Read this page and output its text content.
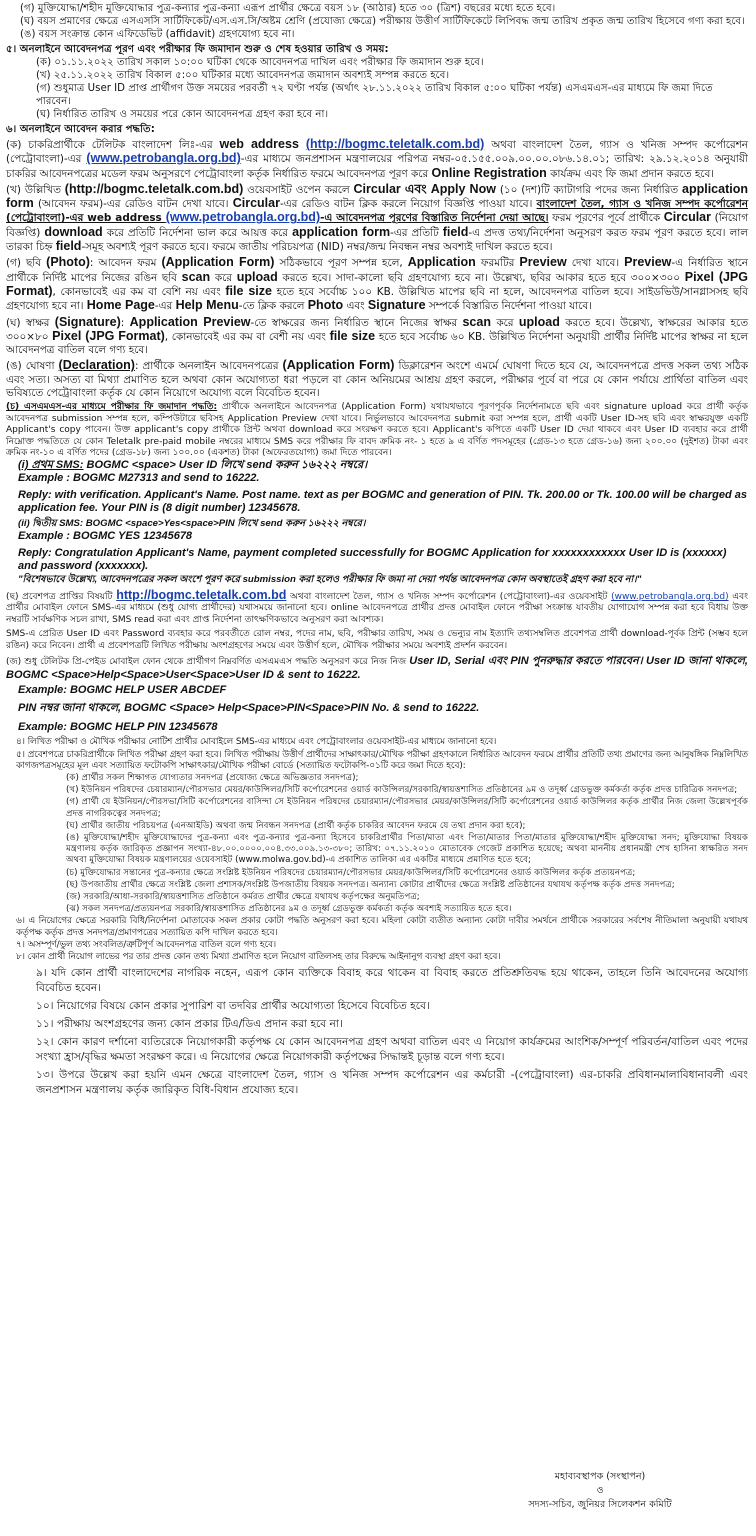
(গ) মুক্তিযোদ্ধা/শহীদ মুক্তিযোদ্ধার পুত্র-কন্যার পুত্র-কন্যা এরূপ প্রার্থীর ক্ষেত্রে বয়স ১৮ (আঠার) হতে ৩০ (ত্রিশ) বছরের মধ্যে হতে হবে।

(ঘ) বয়স প্রমাণের ক্ষেত্রে এসএসসি সার্টিফিকেট/এস.এস.সি/অষ্টম শ্রেণি (প্রযোজ্য ক্ষেত্রে) পরীক্ষায় উত্তীর্ণ সার্টিফিকেটে লিপিবদ্ধ জন্ম তারিখ প্রকৃত জন্ম তারিখ হিসেবে গণ্য করা হবে।

(ঙ) বয়স সংক্রান্ত কোন এফিডেভিট (affidavit) গ্রহণযোগ্য হবে না।

৫। অনলাইনে আবেদনপত্র পূরণ এবং পরীক্ষার ফি জমাদান শুরু ও শেষ হওয়ার তারিখ ও সময়:

(ক) ০১.১১.২০২২ তারিখ সকাল ১০:০০ ঘটিকা থেকে আবেদনপত্র দাখিল এবং পরীক্ষার ফি জমাদান শুরু হবে।

(খ) ২৫.১১.২০২২ তারিখ বিকাল ৫:০০ ঘটিকার মধ্যে আবেদনপত্র জমাদান অবশ্যই সম্পন্ন করতে হবে।

(গ) শুধুমাত্র User ID প্রাপ্ত প্রার্থীগণ উক্ত সময়ের পরবর্তী ৭২ ঘণ্টা পর্যন্ত (অর্থাৎ ২৮.১১.২০২২ তারিখ বিকাল ৫:০০ ঘটিকা পর্যন্ত) এসএমএস-এর মাধ্যমে ফি জমা দিতে পারবেন।

(ঘ) নির্ধারিত তারিখ ও সময়ের পরে কোন আবেদনপত্র গ্রহণ করা হবে না।

৬। অনলাইনে আবেদন করার পদ্ধতি:

(ক) চাকরিপ্রার্থীকে টেলিটক বাংলাদেশ লিঃ-এর web address (http://bogmc.teletalk.com.bd) অথবা বাংলাদেশ তৈল, গ্যাস ও খনিজ সম্পদ কর্পোরেশন (পেট্রোবাংলা)-এর (www.petrobangla.org.bd)-এর মাধ্যমে জনপ্রশাসন মন্ত্রণালয়ের পরিপত্র নম্বর-০৫.১৫৫.০০৯.০০.০০.০৮৬.১৪.০১; তারিখ: ২৯.১২.২০১৪ অনুযায়ী চাকরির আবেদনপত্রের মডেল ফরম অনুসরণে পেট্রোবাংলা কর্তৃক নির্ধারিত ফরমে আবেদনপত্র পূরণ করে Online Registration কার্যক্রম এবং ফি জমা প্রদান করতে হবে।

(খ) উল্লিখিত (http://bogmc.teletalk.com.bd) ওয়েবসাইট ওপেন করলে Circular এবং Apply Now (১০ (দশ)টি ক্যাটাগরি পদের জন্য নির্ধারিত application form (আবেদন ফরম)-এর রেডিও বাটন দেখা যাবে। Circular-এর রেডিও বাটন ক্লিক করলে নিয়োগ বিজ্ঞপ্তি পাওয়া যাবে। বাংলাদেশ তৈল, গ্যাস ও খনিজ সম্পদ কর্পোরেশন (পেট্রোবাংলা)-এর web address (www.petrobangla.org.bd)-এ আবেদনপত্র পূরণের বিস্তারিত নির্দেশনা দেয়া আছে। ফরম পূরণের পূর্বে প্রার্থীকে Circular (নিয়োগ বিজ্ঞপ্তি) download করে প্রতিটি নির্দেশনা ভাল করে আয়ত্ত করে application form-এর প্রতিটি field-এ প্রদত্ত তথ্য/নির্দেশনা অনুসরণ করত ফরম পূরণ করতে হবে। লাল তারকা চিহ্ন field-সমূহ অবশ্যই পূরণ করতে হবে। ফরমে জাতীয় পরিচয়পত্র (NID) নম্বর/জন্ম নিবন্ধন নম্বর অবশ্যই দাখিল করতে হবে।

(গ) ছবি (Photo): আবেদন ফরম (Application Form) সঠিকভাবে পূরণ সম্পন্ন হলে, Application ফরমটির Preview দেখা যাবে। Preview-এ নির্ধারিত স্থানে প্রার্থীকে নির্দিষ্ট মাপের নিজের রঙিন ছবি scan করে upload করতে হবে। সাদা-কালো ছবি গ্রহণযোগ্য হবে না। উল্লেখ্য, ছবির আকার হতে হবে ৩০০×৩০০ Pixel (JPG Format), কোনভাবেই এর কম বা বেশি নয় এবং file size হতে হবে সর্বোচ্চ ১০০ KB. উল্লিখিত মাপের ছবি না হলে, আবেদনপত্র বাতিল হবে। সাইডভিউ/সানগ্লাসসহ ছবি গ্রহণযোগ্য হবে না। Home Page-এর Help Menu-তে ক্লিক করলে Photo এবং Signature সম্পর্কে বিস্তারিত নির্দেশনা পাওয়া যাবে।

(ঘ) স্বাক্ষর (Signature): Application Preview-তে স্বাক্ষরের জন্য নির্ধারিত স্থানে নিজের স্বাক্ষর scan করে upload করতে হবে। উল্লেখ্য, স্বাক্ষরের আকার হতে ৩০০×৮০ Pixel (JPG Format), কোনভাবেই এর কম বা বেশী নয় এবং file size হতে হবে সর্বোচ্চ ৬০ KB. উল্লিখিত নির্দেশনা অনুযায়ী প্রার্থীর নির্দিষ্ট মাপের স্বাক্ষর না হলে আবেদনপত্র বাতিল বলে গণ্য হবে।

(ঙ) ঘোষণা (Declaration): প্রার্থীকে অনলাইন আবেদনপত্রের (Application Form) ডিক্লারেশন অংশে এমর্মে ঘোষণা দিতে হবে যে, আবেদনপত্রে প্রদত্ত সকল তথ্য সঠিক এবং সত্য। অসত্য বা মিথ্যা প্রমাণিত হলে অথবা কোন অযোগ্যতা ধরা পড়লে বা কোন অনিয়মের আশ্রয় গ্রহণ করলে, পরীক্ষার পূর্বে বা পরে যে কোন পর্যায়ে প্রার্থিতা বাতিল এবং ভবিষ্যতে পেট্রোবাংলা কর্তৃক যে কোন নিয়োগে অযোগ্য বলে বিবেচিত হবেন।

(চ) এসএমএস-এর মাধ্যমে পরীক্ষার ফি জমাদান পদ্ধতি: প্রার্থীকে অনলাইনে আবেদনপত্র (Application Form) যথাযথভাবে পূরণপূর্বক নির্দেশনামতে ছবি এবং signature upload করে প্রার্থী কর্তৃক আবেদনপত্র submission সম্পন্ন হলে, কম্পিউটারে ছবিসহ Application Preview দেখা যাবে। নির্ভুলভাবে আবেদনপত্র submit করা সম্পন্ন হলে, প্রার্থী একটি User ID-সহ ছবি এবং স্বাক্ষরযুক্ত একটি Applicant's copy পাবেন। উক্ত applicant's copy প্রার্থীকে প্রিন্ট অথবা download করে সংরক্ষণ করতে হবে। Applicant's কপিতে একটি User ID দেয়া থাকবে এবং User ID ব্যবহার করে প্রার্থী নিম্নোক্ত পদ্ধতিতে যে কোন Teletalk pre-paid mobile নম্বরের মাধ্যমে SMS করে পরীক্ষার ফি বাবদ ক্রমিক নং- ১ হতে ৯ এ বর্ণিত পদসমূহের (গ্রেড-১৩ হতে গ্রেড-১৬) জন্য ২০০.০০ (দুইশত) টাকা এবং ক্রমিক নং-১০ এ বর্ণিত পদের (গ্রেড-১৮) জন্য ১০০.০০ (একশত) টাকা (অফেরতযোগ্য) জমা দিতে পারবেন।

(i) প্রথম SMS: BOGMC <space> User ID লিখে send করুন ১৬২২২ নম্বরে।

Example : BOGMC M27313 and send to 16222.

Reply: with verification. Applicant's Name. Post name. text as per BOGMC and generation of PIN. Tk. 200.00 or Tk. 100.00 will be charged as application fee. Your PIN is (8 digit number) 12345678.

(ii) দ্বিতীয় SMS: BOGMC <space>Yes<space>PIN লিখে send করুন ১৬২২২ নম্বরে।

Example : BOGMC YES 12345678

Reply: Congratulation Applicant's Name, payment completed successfully for BOGMC Application for xxxxxxxxxxxx User ID is (xxxxxx) and password (xxxxxxx).

"বিশেষভাবে উল্লেখ্য, আবেদনপত্রের সকল অংশে পূরণ করে submission করা হলেও পরীক্ষার ফি জমা না দেয়া পর্যন্ত আবেদনপত্র কোন অবস্থাতেই গ্রহণ করা হবে না।"

(ছ) প্রবেশপত্র প্রাপ্তির বিষয়টি http://bogmc.teletalk.com.bd অথবা বাংলাদেশ তৈল, গ্যাস ও খনিজ সম্পদ কর্পোরেশন (পেট্রোবাংলা)-এর ওয়েবসাইট (www.petrobangla.org.bd) এবং প্রার্থীর মোবাইল ফোনে SMS-এর মাধ্যমে (শুধু যোগ্য প্রার্থীদের) যথাসময়ে জানানো হবে। online আবেদনপত্রে প্রার্থীর প্রদত্ত মোবাইল ফোনে পরীক্ষা সংক্রান্ত যাবতীয় যোগাযোগ সম্পন্ন করা হবে বিধায় উক্ত নম্বরটি সার্বক্ষণিক সচল রাখা, SMS read করা এবং প্রাপ্ত নির্দেশনা তাৎক্ষণিকভাবে অনুসরণ করা আবশ্যক।

SMS-এ প্রেরিত User ID এবং Password ব্যবহার করে পরবর্তীতে রোল নম্বর, পদের নাম, ছবি, পরীক্ষার তারিখ, সময় ও ভেন্যুর নাম ইত্যাদি তথ্যসম্বলিত প্রবেশপত্র প্রার্থী download-পূর্বক প্রিন্ট (সম্ভব হলে রঙিন) করে নিবেন। প্রার্থী এ প্রবেশপত্রটি লিখিত পরীক্ষায় অংশগ্রহণের সময়ে এবং উত্তীর্ণ হলে, মৌখিক পরীক্ষার সময়ে অবশ্যই প্রদর্শন করবেন।

(জ) শুধু টেলিটক প্রি-পেইড মোবাইল ফোন থেকে প্রার্থীগণ নিম্নবর্ণিত এসএমএস পদ্ধতি অনুসরণ করে নিজ নিজ User ID, Serial এবং PIN পুনরুদ্ধার করতে পারবেন। User ID জানা থাকলে, BOGMC <Space>Help<Space>User<Space>User ID & sent to 16222.

Example: BOGMC HELP USER ABCDEF

PIN নম্বর জানা থাকলে, BOGMC <Space> Help<Space>PIN<Space>PIN No. & send to 16222.

Example: BOGMC HELP PIN 12345678

৪। লিখিত পরীক্ষা ও মৌখিক পরীক্ষার নোটিশ প্রার্থীর মোবাইলে SMS-এর মাধ্যমে এবং পেট্রোবাংলার ওয়েবসাইট-এর মাধ্যমে জানানো হবে।

৫। প্রবেশপত্রে চাকরিপ্রার্থীকে লিখিত পরীক্ষা গ্রহণ করা হবে। লিখিত পরীক্ষায় উত্তীর্ণ প্রার্থীদের সাক্ষাৎকার/মৌখিক পরীক্ষা গ্রহণকালে নির্ধারিত আবেদন ফরমে প্রার্থীর প্রতিটি তথ্য প্রমাণের জন্য আনুষঙ্গিক নিম্নলিখিত কাগজপত্রসমূহের মূল এবং সত্যায়িত ফটোকপি সাক্ষাৎকার/মৌখিক পরীক্ষা বোর্ডে (সত্যায়িত ফটোকপি-০১টি করে জমা দিতে হবে):

(ক) প্রার্থীর সকল শিক্ষাগত যোগ্যতার সনদপত্র (প্রযোজ্য ক্ষেত্রে অভিজ্ঞতার সনদপত্র);

(খ) ইউনিয়ন পরিষদের চেয়ারম্যান/পৌরসভার মেয়র/কাউন্সিলর/সিটি কর্পোরেশনের ওয়ার্ড কাউন্সিলর/সরকারি/স্বায়ত্তশাসিত প্রতিষ্ঠানের ৯ম ও তদূর্ধ্ব গ্রেডভুক্ত কর্মকর্তা কর্তৃক প্রদত্ত চারিত্রিক সনদপত্র;

(গ) প্রার্থী যে ইউনিয়ন/পৌরসভা/সিটি কর্পোরেশনের বাসিন্দা সে ইউনিয়ন পরিষদের চেয়ারম্যান/পৌরসভার মেয়র/কাউন্সিলর/সিটি কর্পোরেশনের ওয়ার্ড কাউন্সিলর কর্তৃক প্রার্থীর নিজ জেলা উল্লেখপূর্বক প্রদত্ত নাগরিকত্বের সনদপত্র;

(ঘ) প্রার্থীর জাতীয় পরিচয়পত্র (এনআইডি) অথবা জন্ম নিবন্ধন সনদপত্র (প্রার্থী কর্তৃক চাকরির আবেদন ফরমে যে তথ্য প্রদান করা হবে);

(ঙ) মুক্তিযোদ্ধা/শহীদ মুক্তিযোদ্ধাদের পুত্র-কন্যা এবং পুত্র-কন্যার পুত্র-কন্যা হিসেবে চাকরিপ্রার্থীর পিতা/মাতা এবং পিতা/মাতার পিতা/মাতার মুক্তিযোদ্ধা/শহীদ মুক্তিযোদ্ধা সনদ; মুক্তিযোদ্ধা বিষয়ক মন্ত্রণালয় কর্তৃক জারিকৃত প্রজ্ঞাপন সংখ্যা-৪৮.০০.০০০০.০০৪.৩৩.০০৯.১৩-৩৮০; তারিখ: ০৭.১১.২০১০ মোতাবেক গেজেট প্রকাশিত হয়েছে; অথবা মাননীয় প্রধানমন্ত্রী শেখ হাসিনা স্বাক্ষরিত সনদ অথবা মুক্তিযোদ্ধা বিষয়ক মন্ত্রণালয়ের ওয়েবসাইট (www.molwa.gov.bd)-এ প্রকাশিত তালিকা এর একটির মাধ্যমে প্রমাণিত হতে হবে;

(চ) মুক্তিযোদ্ধার সন্তানের পুত্র-কন্যার ক্ষেত্রে সংশ্লিষ্ট ইউনিয়ন পরিষদের চেয়ারম্যান/পৌরসভার মেয়র/কাউন্সিলর/সিটি কর্পোরেশনের ওয়ার্ড কাউন্সিলর কর্তৃক প্রত্যয়নপত্র;

(ছ) উপজাতীয় প্রার্থীর ক্ষেত্রে সংশ্লিষ্ট জেলা প্রশাসক/সংশ্লিষ্ট উপজাতীয় বিষয়ক সনদপত্র। অন্যান্য কোটার প্রার্থীদের ক্ষেত্রে সংশ্লিষ্ট প্রতিষ্ঠানের যথাযথ কর্তৃপক্ষ কর্তৃক প্রদত্ত সনদপত্র;

(জ) সরকারি/আধা-সরকারি/স্বায়ত্তশাসিত প্রতিষ্ঠানে কর্মরত প্রার্থীর ক্ষেত্রে যথাযথ কর্তৃপক্ষের অনুমতিপত্র;

(ঝ) সকল সনদপত্র/প্রত্যয়নপত্র সরকারি/স্বায়ত্তশাসিত প্রতিষ্ঠানের ৯ম ও তদূর্ধ্ব গ্রেডভুক্ত কর্মকর্তা কর্তৃক অবশ্যই সত্যায়িত হতে হবে।

৬। এ নিয়োগের ক্ষেত্রে সরকারি বিধি/নির্দেশনা মোতাবেক সকল প্রকার কোটা পদ্ধতি অনুসরণ করা হবে। মহিলা কোটা ব্যতীত অন্যান্য কোটা দাবীর সমর্থনে প্রার্থীকে সরকারের সর্বশেষ নীতিমালা অনুযায়ী যথাযথ কর্তৃপক্ষ কর্তৃক প্রদত্ত সনদপত্র/প্রমাণপত্রের সত্যায়িত কপি দাখিল করতে হবে।

৭। অসম্পূর্ণ/ভুল তথ্য সংবলিত/ত্রুটিপূর্ণ আবেদনপত্র বাতিল বলে গণ্য হবে।

৮। কোন প্রার্থী নিয়োগ লাভের পর তার প্রদত্ত কোন তথ্য মিথ্যা প্রমাণিত হলে নিয়োগ বাতিলসহ তার বিরুদ্ধে আইনানুগ ব্যবস্থা গ্রহণ করা হবে।

৯। যদি কোন প্রার্থী বাংলাদেশের নাগরিক নহেন, এরূপ কোন ব্যক্তিকে বিবাহ করে থাকেন বা বিবাহ করতে প্রতিশ্রুতিবদ্ধ হয়ে থাকেন, তাহলে তিনি আবেদনের অযোগ্য বিবেচিত হবেন।

১০। নিয়োগের বিষয়ে কোন প্রকার সুপারিশ বা তদবির প্রার্থীর অযোগ্যতা হিসেবে বিবেচিত হবে।

১১। পরীক্ষায় অংশগ্রহণের জন্য কোন প্রকার টিএ/ডিএ প্রদান করা হবে না।

১২। কোন কারণ দর্শানো ব্যতিরেকে নিয়োগকারী কর্তৃপক্ষ যে কোন আবেদনপত্র গ্রহণ অথবা বাতিল এবং এ নিয়োগ কার্যক্রমের আংশিক/সম্পূর্ণ পরিবর্তন/বাতিল এবং পদের সংখ্যা হ্রাস/বৃদ্ধির ক্ষমতা সংরক্ষণ করে। এ নিয়োগের ক্ষেত্রে নিয়োগকারী কর্তৃপক্ষের সিদ্ধান্তই চূড়ান্ত বলে গণ্য হবে।

১৩। উপরে উল্লেখ করা হয়নি এমন ক্ষেত্রে বাংলাদেশ তৈল, গ্যাস ও খনিজ সম্পদ কর্পোরেশন এর কর্মচারী -(পেট্রোবাংলা) এর-চাকরি প্রবিধানমালাবিধানাবলী এবং জনপ্রশাসন মন্ত্রণালয় কর্তৃক জারিকৃত বিধি-বিধান প্রযোজ্য হবে।

মহাব্যবস্থাপক (সংস্থাপন)
ও
সদস্য-সচিব, জুনিয়র সিলেকশন কমিটি
